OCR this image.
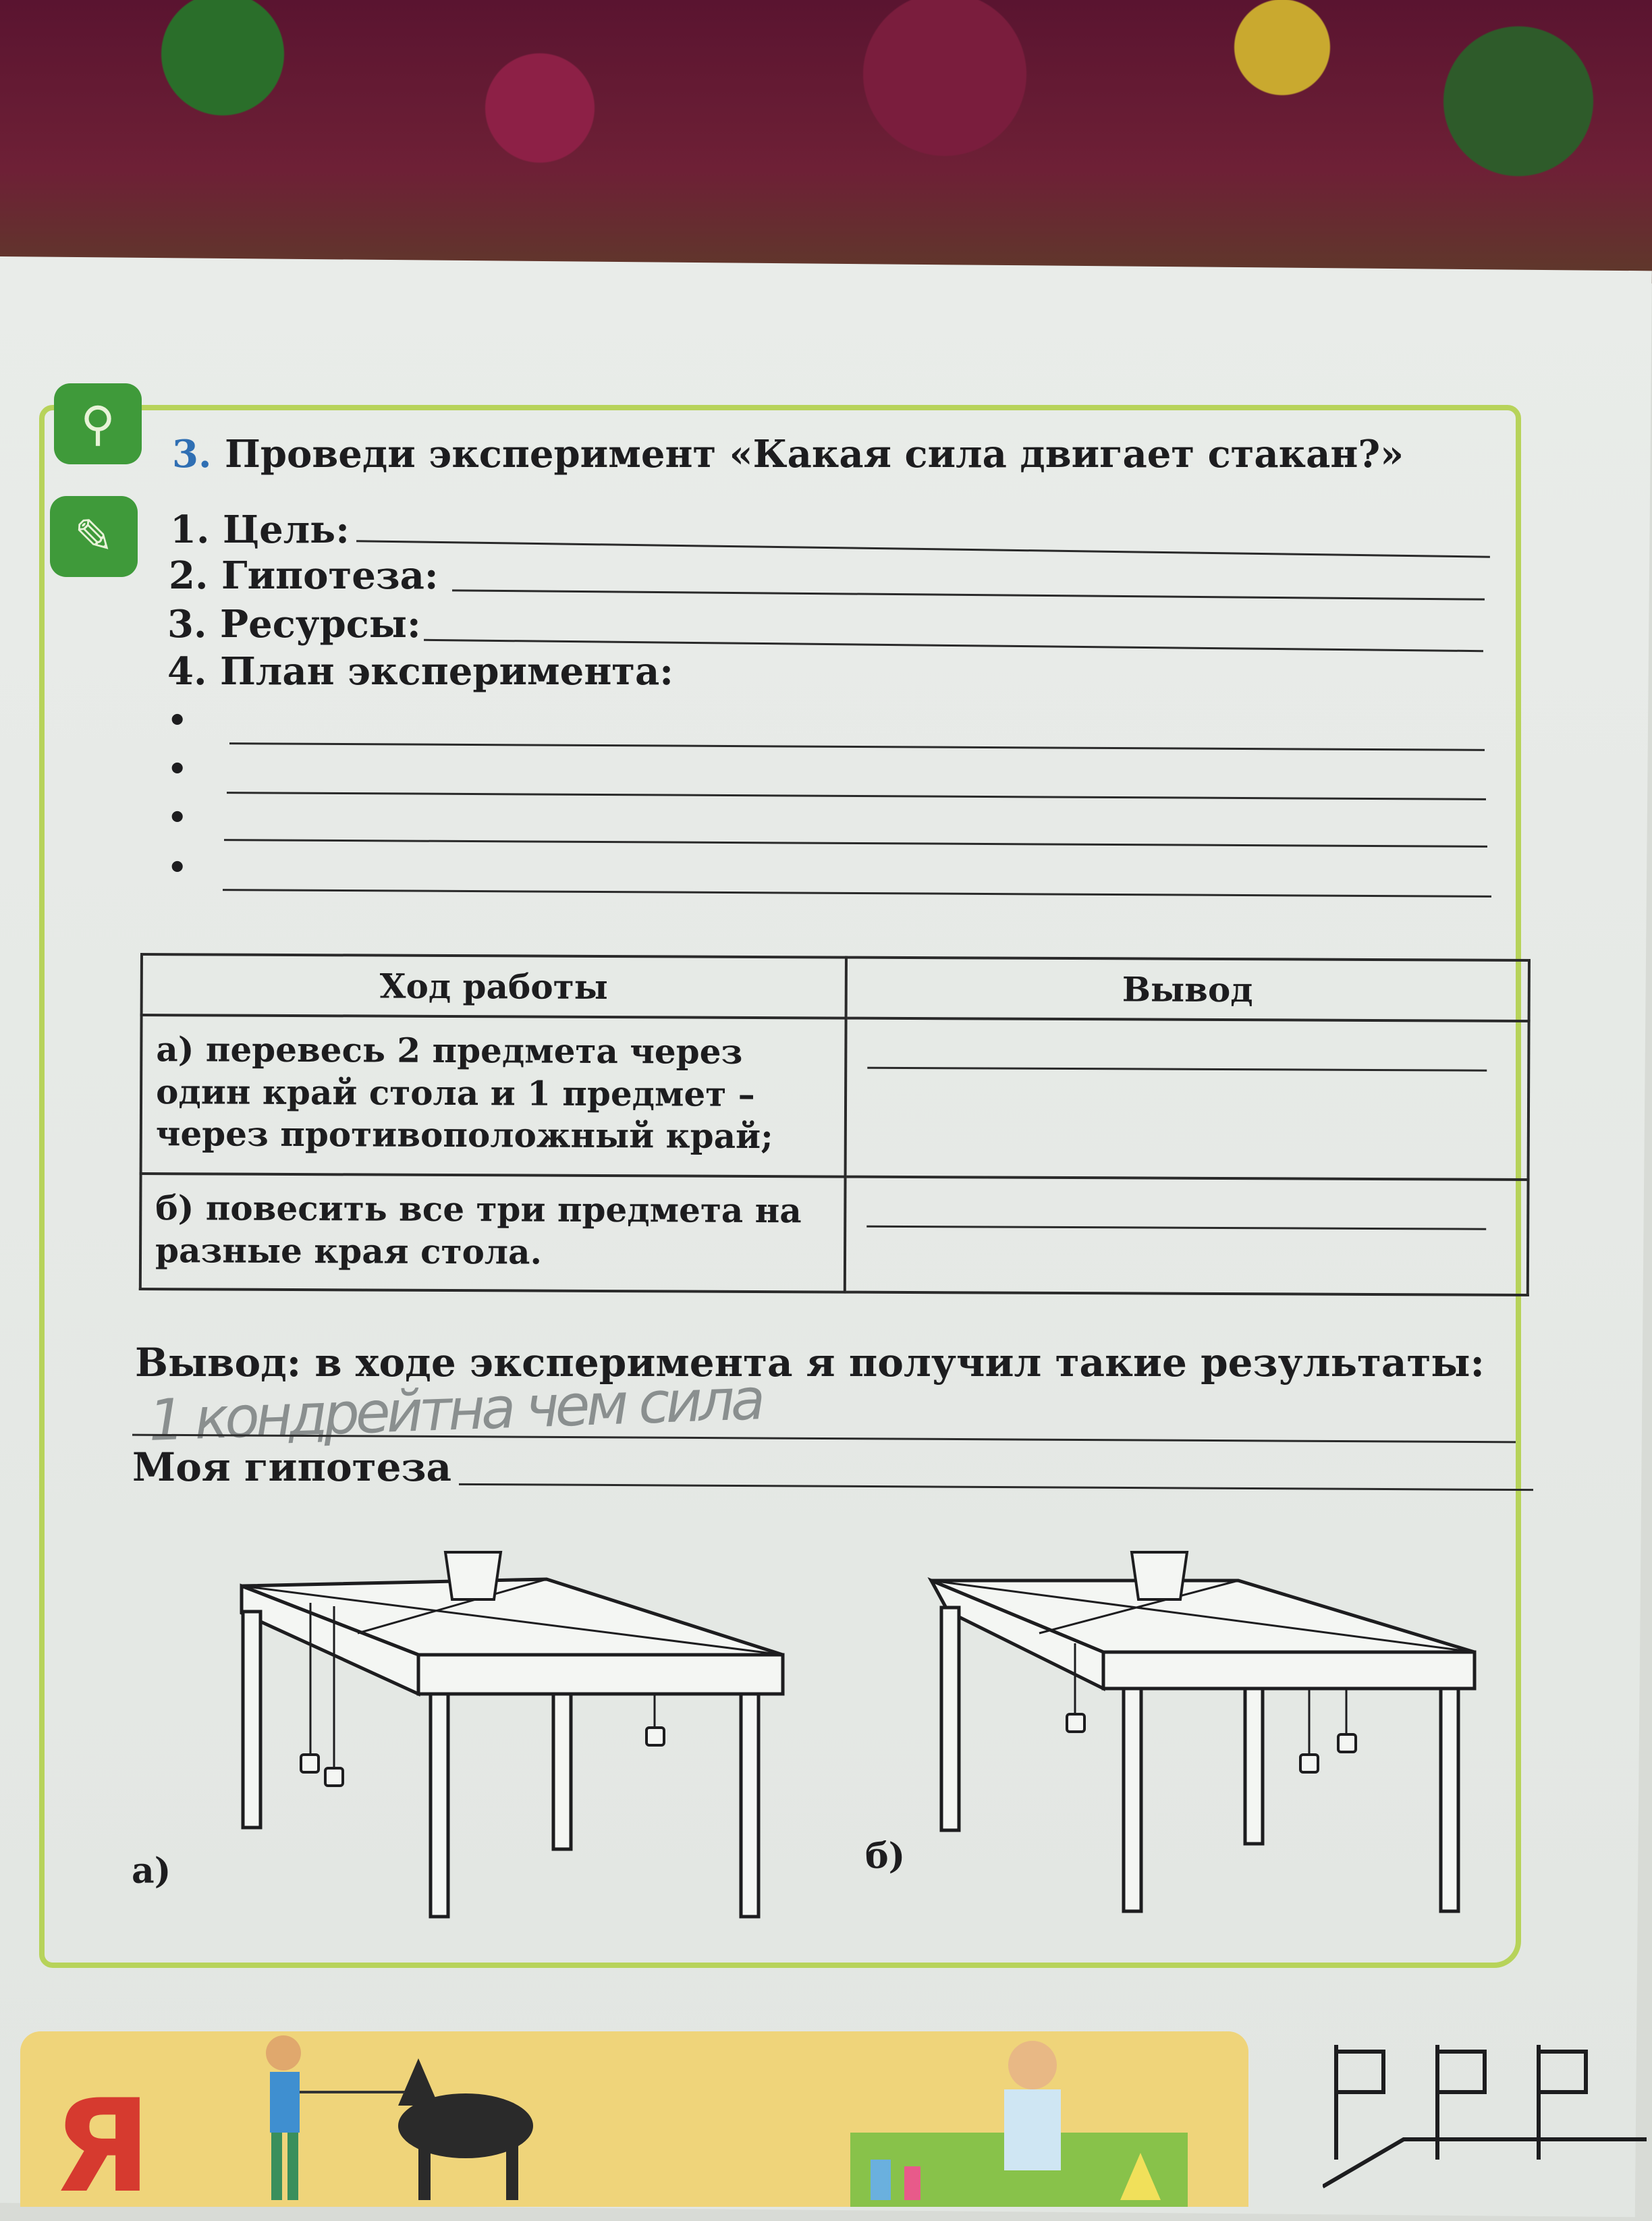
⚲
✎
3. Проведи эксперимент «Какая сила двигает стакан?»
1. Цель:
2. Гипотеза:
3. Ресурсы:
4. План эксперимента:
•
•
•
•
Ход работы	Вывод
а) перевесь 2 предмета через один край стола и 1 предмет – через противоположный край;	

б) повесить все три предмета на разные края стола.	
Вывод: в ходе эксперимента я получил такие результаты:
1 кондрейтна чем сила
Моя гипотеза
а)	б)
Я
